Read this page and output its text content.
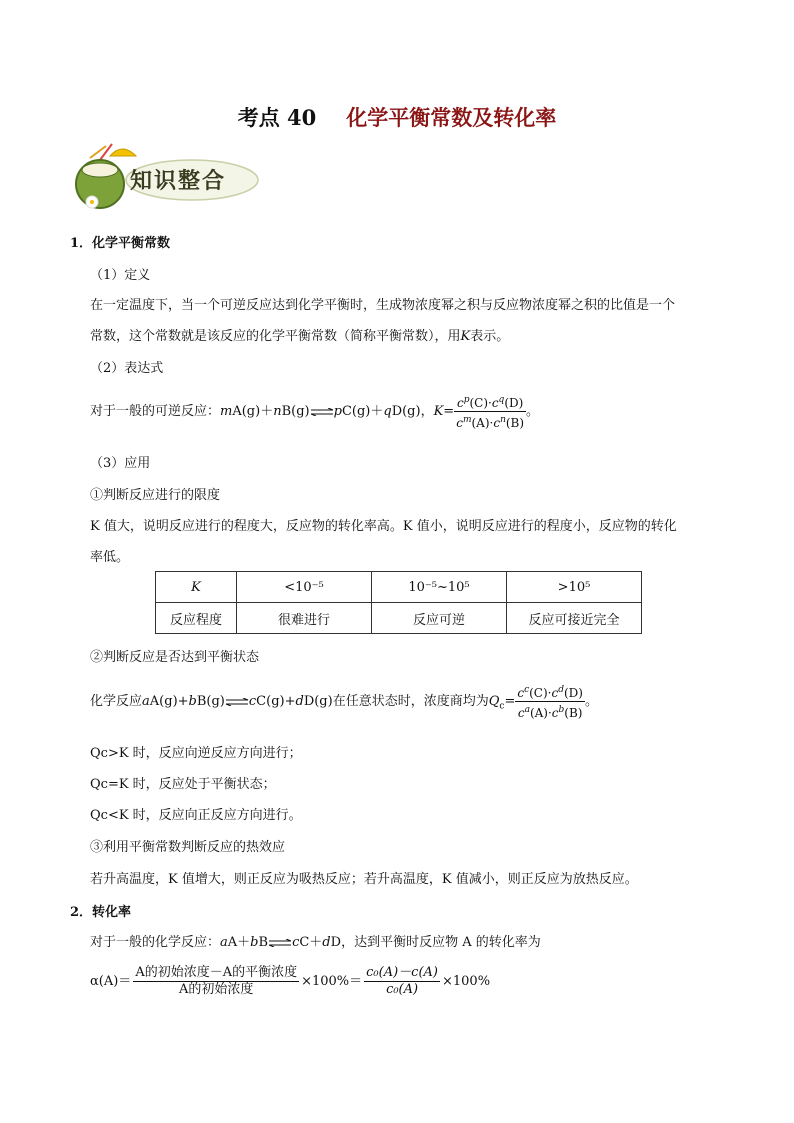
考点 40 化学平衡常数及转化率
知识整合
1．化学平衡常数
（1）定义
在一定温度下，当一个可逆反应达到化学平衡时，生成物浓度幂之积与反应物浓度幂之积的比值是一个
常数，这个常数就是该反应的化学平衡常数（简称平衡常数），用K表示。
（2）表达式
对于一般的可逆反应：mA(g)＋nB(g) pC(g)＋qD(g)，$K= \frac{c^p(C)\cdot c^q(D)}{c^m(A)\cdot c^n(B)}$ 。
（3）应用
①判断反应进行的限度
K 值大，说明反应进行的程度大，反应物的转化率高。K 值小，说明反应进行的程度小，反应物的转化
率低。
K	<10⁻⁵	10⁻⁵~10⁵	>10⁵
反应程度	很难进行	反应可逆	反应可接近完全
②判断反应是否达到平衡状态
化学反应aA(g)+bB(g) cC(g)+dD(g)在任意状态时，浓度商均为$Q_c= \frac{c^c(C)\cdot c^d(D)}{c^a(A)\cdot c^b(B)}$ 。
Qc>K 时，反应向逆反应方向进行；
Qc=K 时，反应处于平衡状态；
Qc<K 时，反应向正反应方向进行。
③利用平衡常数判断反应的热效应
若升高温度，K 值增大，则正反应为吸热反应；若升高温度，K 值减小，则正反应为放热反应。
2．转化率
对于一般的化学反应：aA＋bB cC＋dD，达到平衡时反应物 A 的转化率为
$\alpha(A)= \frac{\text{A的初始浓度－A的平衡浓度}}{\text{A的初始浓度}} \times 100\%= \frac{\text{c₀(A)－c(A)}}{\text{c₀(A)}} \times 100\%$
